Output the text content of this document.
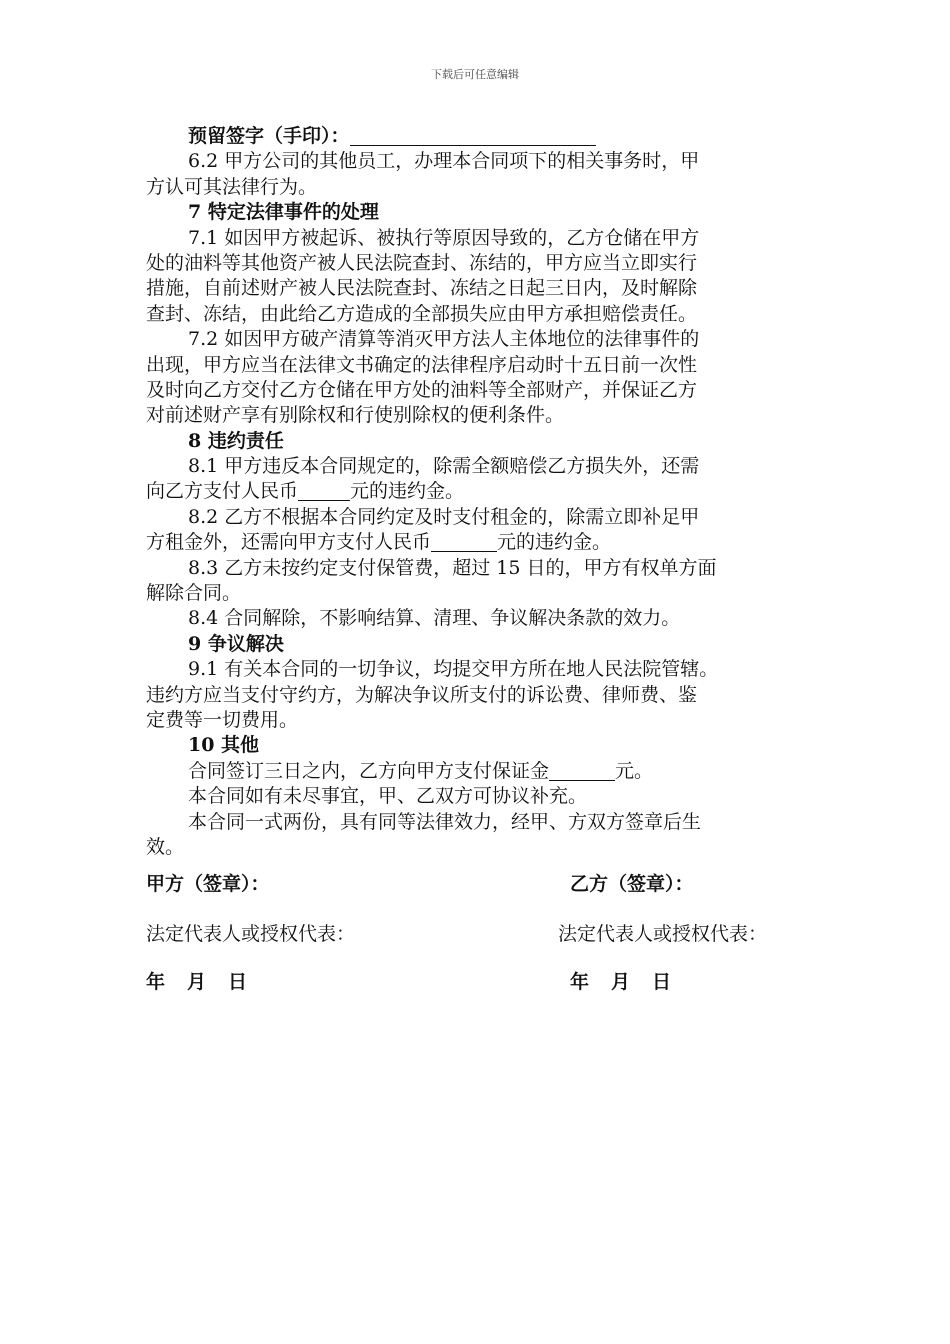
下载后可任意编辑
预留签字（手印）：
6.2 甲方公司的其他员工，办理本合同项下的相关事务时，甲
方认可其法律行为。
7 特定法律事件的处理
7.1 如因甲方被起诉、被执行等原因导致的，乙方仓储在甲方
处的油料等其他资产被人民法院查封、冻结的，甲方应当立即实行
措施，自前述财产被人民法院查封、冻结之日起三日内，及时解除
查封、冻结，由此给乙方造成的全部损失应由甲方承担赔偿责任。
7.2 如因甲方破产清算等消灭甲方法人主体地位的法律事件的
出现，甲方应当在法律文书确定的法律程序启动时十五日前一次性
及时向乙方交付乙方仓储在甲方处的油料等全部财产，并保证乙方
对前述财产享有别除权和行使别除权的便利条件。
8 违约责任
8.1 甲方违反本合同规定的，除需全额赔偿乙方损失外，还需
向乙方支付人民币	元的违约金。
8.2 乙方不根据本合同约定及时支付租金的，除需立即补足甲
方租金外，还需向甲方支付人民币	元的违约金。
8.3 乙方未按约定支付保管费，超过 15 日的，甲方有权单方面
解除合同。
8.4 合同解除，不影响结算、清理、争议解决条款的效力。
9 争议解决
9.1 有关本合同的一切争议，均提交甲方所在地人民法院管辖。
违约方应当支付守约方，为解决争议所支付的诉讼费、律师费、鉴
定费等一切费用。
10 其他
合同签订三日之内，乙方向甲方支付保证金	元。
本合同如有未尽事宜，甲、乙双方可协议补充。
本合同一式两份，具有同等法律效力，经甲、方双方签章后生
效。
甲方（签章）：	乙方（签章）：
法定代表人或授权代表：	法定代表人或授权代表：
年 月 日	年 月 日
